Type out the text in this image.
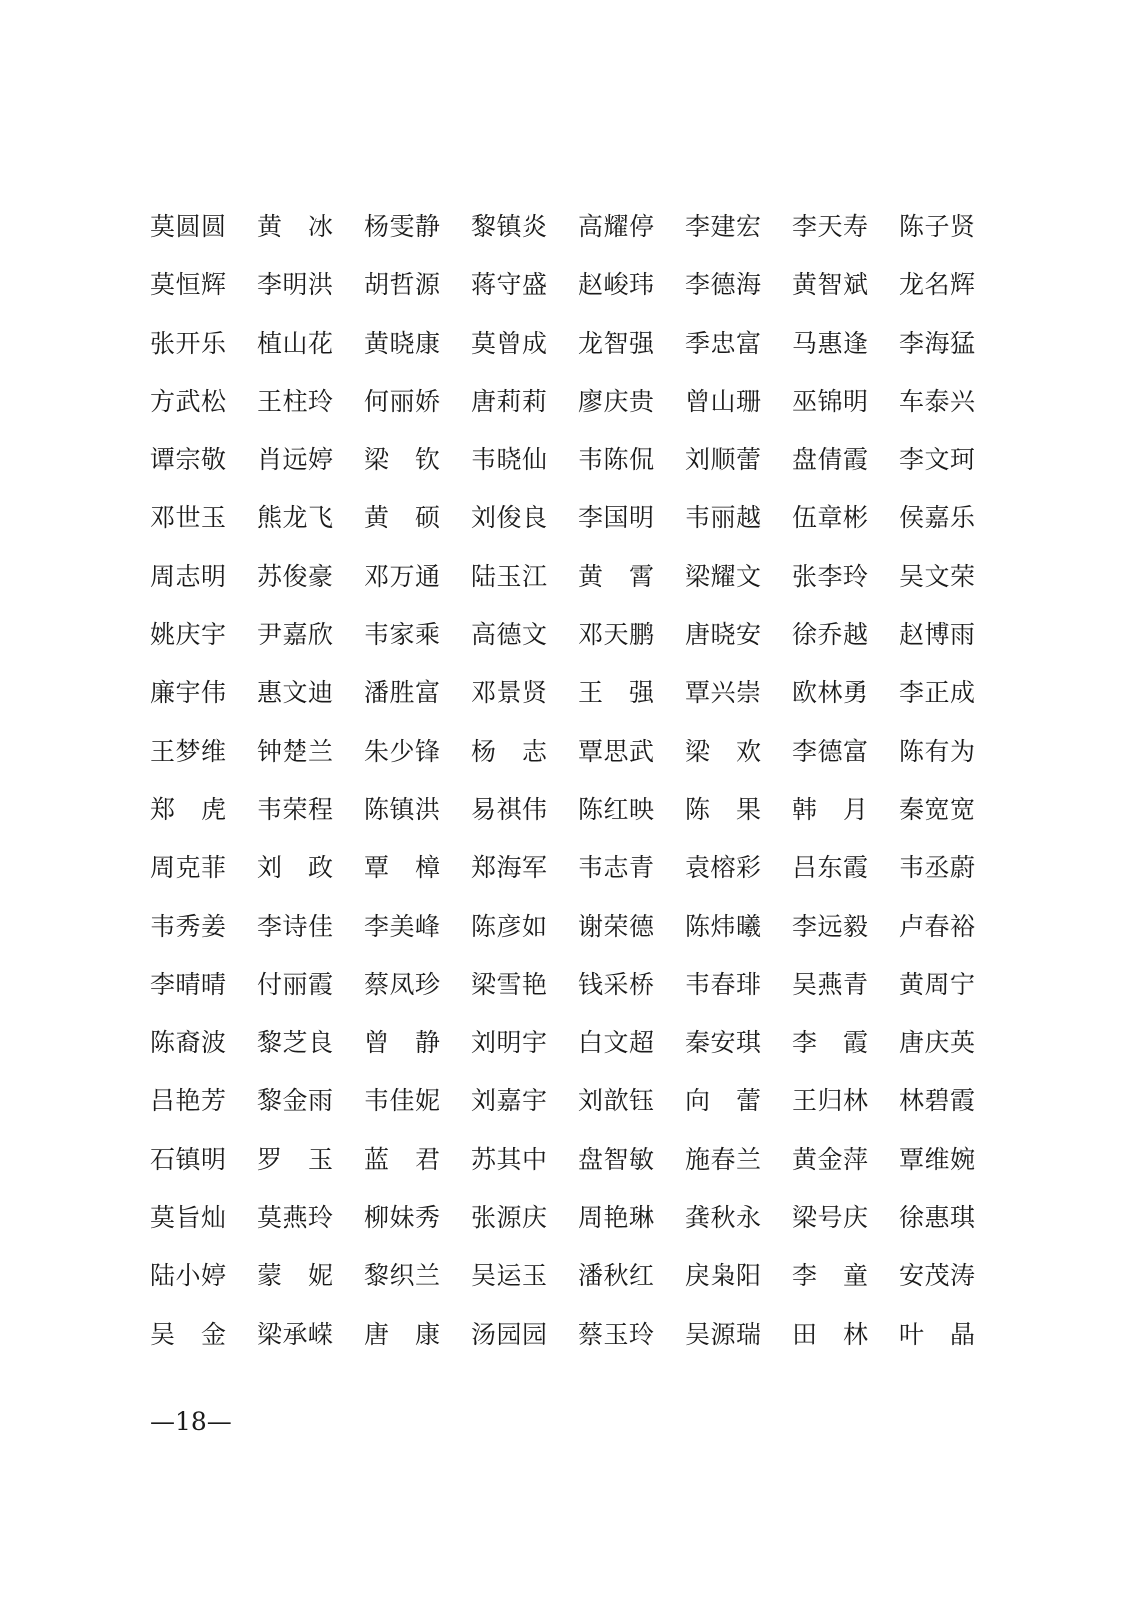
莫 圆 圆 黄 冰 杨 雯 静 黎 镇 炎 高 耀 停 李 建 宏 李 天 寿 陈 子 贤
莫 恒 辉 李 明 洪 胡 哲 源 蒋 守 盛 赵 峻 玮 李 德 海 黄 智 斌 龙 名 辉
张 开 乐 植 山 花 黄 晓 康 莫 曾 成 龙 智 强 季 忠 富 马 惠 逢 李 海 猛
方 武 松 王 柱 玲 何 丽 娇 唐 莉 莉 廖 庆 贵 曾 山 珊 巫 锦 明 车 泰 兴
谭 宗 敬 肖 远 婷 梁 钦 韦 晓 仙 韦 陈 侃 刘 顺 蕾 盘 倩 霞 李 文 珂
邓 世 玉 熊 龙 飞 黄 硕 刘 俊 良 李 国 明 韦 丽 越 伍 章 彬 侯 嘉 乐
周 志 明 苏 俊 豪 邓 万 通 陆 玉 江 黄 霄 梁 耀 文 张 李 玲 吴 文 荣
姚 庆 宇 尹 嘉 欣 韦 家 乘 高 德 文 邓 天 鹏 唐 晓 安 徐 乔 越 赵 博 雨
廉 宇 伟 惠 文 迪 潘 胜 富 邓 景 贤 王 强 覃 兴 崇 欧 林 勇 李 正 成
王 梦 维 钟 楚 兰 朱 少 锋 杨 志 覃 思 武 梁 欢 李 德 富 陈 有 为
郑 虎 韦 荣 程 陈 镇 洪 易 祺 伟 陈 红 映 陈 果 韩 月 秦 宽 宽
周 克 菲 刘 政 覃 樟 郑 海 军 韦 志 青 袁 榕 彩 吕 东 霞 韦 丞 蔚
韦 秀 姜 李 诗 佳 李 美 峰 陈 彦 如 谢 荣 德 陈 炜 曦 李 远 毅 卢 春 裕
李 晴 晴 付 丽 霞 蔡 凤 珍 梁 雪 艳 钱 采 桥 韦 春 琲 吴 燕 青 黄 周 宁
陈 裔 波 黎 芝 良 曾 静 刘 明 宇 白 文 超 秦 安 琪 李 霞 唐 庆 英
吕 艳 芳 黎 金 雨 韦 佳 妮 刘 嘉 宇 刘 歆 钰 向 蕾 王 归 林 林 碧 霞
石 镇 明 罗 玉 蓝 君 苏 其 中 盘 智 敏 施 春 兰 黄 金 萍 覃 维 婉
莫 旨 灿 莫 燕 玲 柳 妹 秀 张 源 庆 周 艳 琳 龚 秋 永 梁 号 庆 徐 惠 琪
陆 小 婷 蒙 妮 黎 织 兰 吴 运 玉 潘 秋 红 戾 枭 阳 李 童 安 茂 涛
吴 金 梁 承 嵘 唐 康 汤 园 园 蔡 玉 玲 吴 源 瑞 田 林 叶 晶
—18—
